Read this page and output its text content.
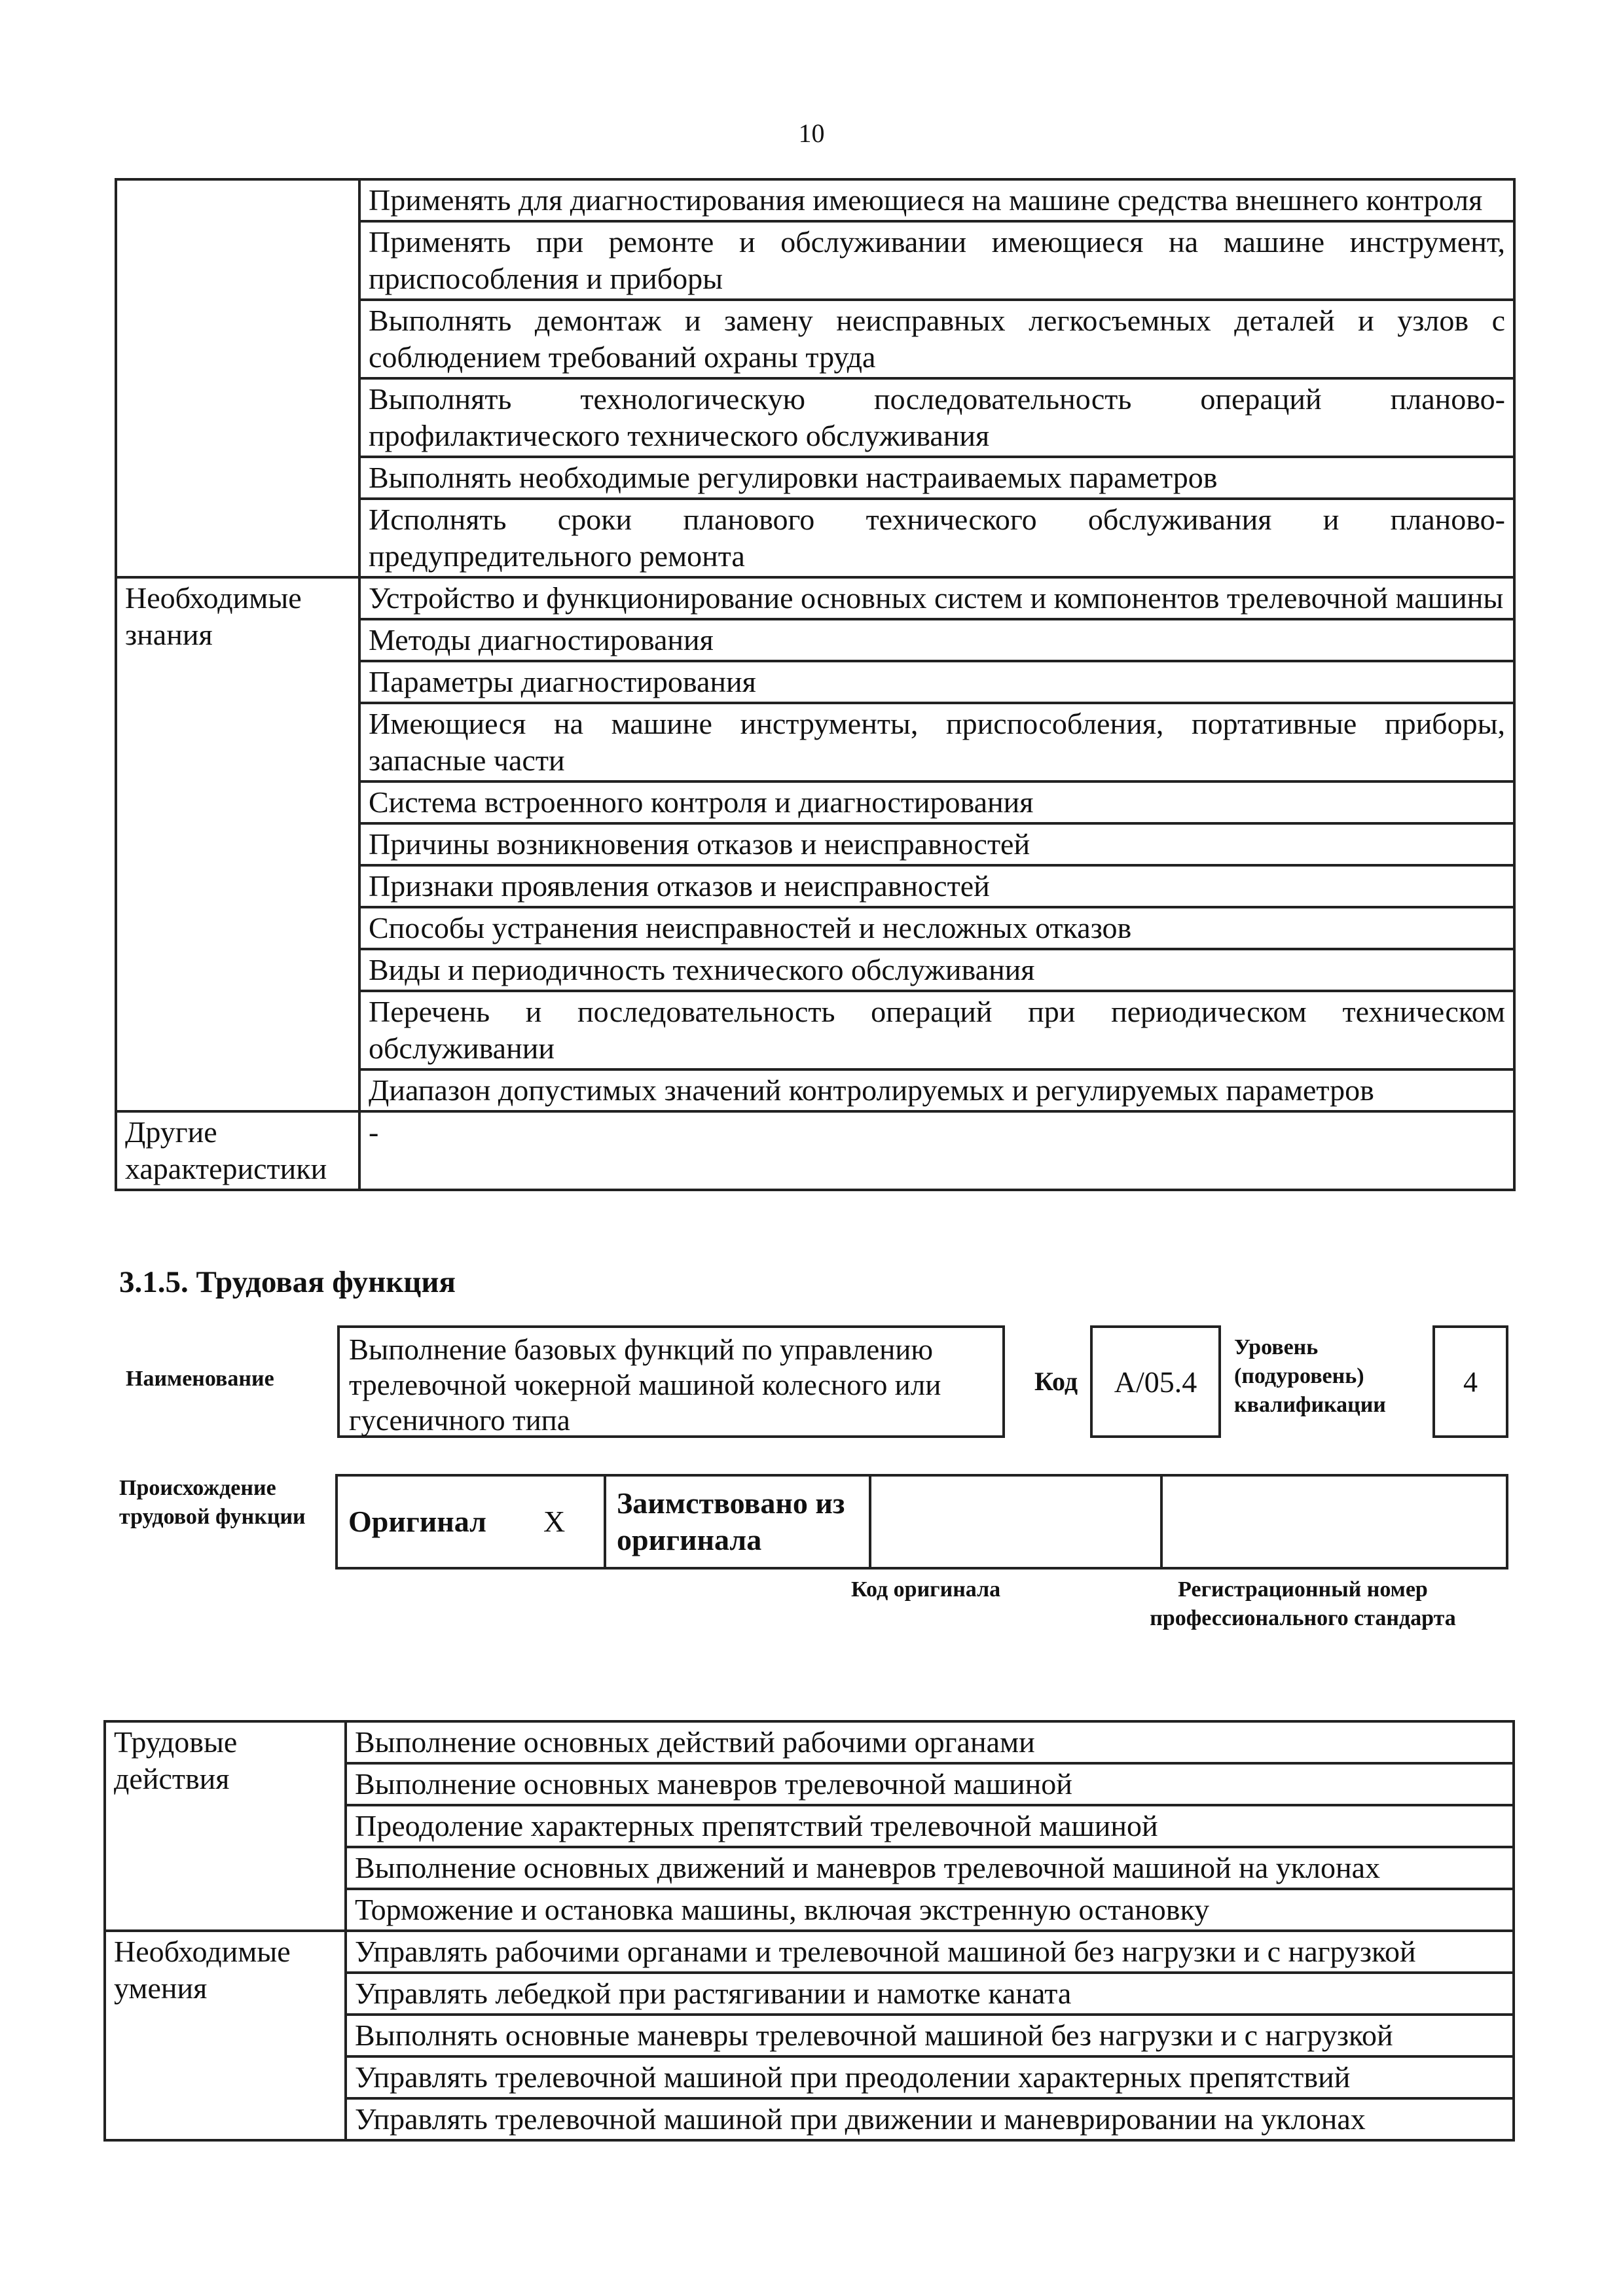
10
	Применять для диагностирования имеющиеся на машине средства внешнего контроля
	Применять при ремонте и обслуживании имеющиеся на машине инструмент, приспособления и приборы
	Выполнять демонтаж и замену неисправных легкосъемных деталей и узлов с соблюдением требований охраны труда
	Выполнять технологическую последовательность операций планово-профилактического технического обслуживания
	Выполнять необходимые регулировки настраиваемых параметров
	Исполнять сроки планового технического обслуживания и планово-предупредительного ремонта
Необходимые знания	Устройство и функционирование основных систем и компонентов трелевочной машины
	Методы диагностирования
	Параметры диагностирования
	Имеющиеся на машине инструменты, приспособления, портативные приборы, запасные части
	Система встроенного контроля и диагностирования
	Причины возникновения отказов и неисправностей
	Признаки проявления отказов и неисправностей
	Способы устранения неисправностей и несложных отказов
	Виды и периодичность технического обслуживания
	Перечень и последовательность операций при периодическом техническом обслуживании
	Диапазон допустимых значений контролируемых и регулируемых параметров
Другие характеристики	-
3.1.5. Трудовая функция
Наименование
Выполнение базовых функций по управлению трелевочной чокерной машиной колесного или гусеничного типа
Код А/05.4
Уровень (подуровень) квалификации
4
Происхождение трудовой функции	Оригинал	X	Заимствовано из оригинала		
Код оригинала	Регистрационный номер профессионального стандарта
Трудовые действия	Выполнение основных действий рабочими органами
	Выполнение основных маневров трелевочной машиной
	Преодоление характерных препятствий трелевочной машиной
	Выполнение основных движений и маневров трелевочной машиной на уклонах
	Торможение и остановка машины, включая экстренную остановку
Необходимые умения	Управлять рабочими органами и трелевочной машиной без нагрузки и с нагрузкой
	Управлять лебедкой при растягивании и намотке каната
	Выполнять основные маневры трелевочной машиной без нагрузки и с нагрузкой
	Управлять трелевочной машиной при преодолении характерных препятствий
	Управлять трелевочной машиной при движении и маневрировании на уклонах
